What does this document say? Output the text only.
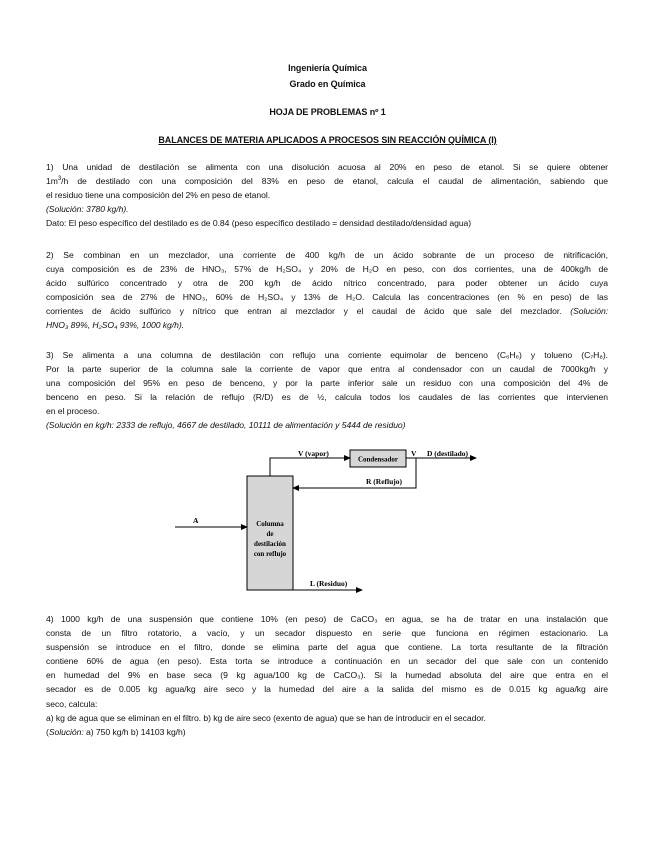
Ingeniería Química
Grado en Química
HOJA DE PROBLEMAS nº 1
BALANCES DE MATERIA APLICADOS A PROCESOS SIN REACCIÓN QUÍMICA (I)
1) Una unidad de destilación se alimenta con una disolución acuosa al 20% en peso de etanol. Si se quiere obtener
$1m^3/h$ de destilado con una composición del 83% en peso de etanol, calcula el caudal de alimentación, sabiendo que
el residuo tiene una composición del 2% en peso de etanol.
(Solución: 3780 kg/h).
Dato: El peso específico del destilado es de 0.84 (peso específico destilado = densidad destilado/densidad agua)
2) Se combinan en un mezclador, una corriente de 400 kg/h de un ácido sobrante de un proceso de nitrificación,
cuya composición es de 23% de HNO₃, 57% de H₂SO₄ y 20% de H₂O en peso, con dos corrientes, una de 400kg/h de
ácido sulfúrico concentrado y otra de 200 kg/h de ácido nítrico concentrado, para poder obtener un ácido cuya
composición sea de 27% de HNO₃, 60% de H₂SO₄ y 13% de H₂O. Calcula las concentraciones (en % en peso) de las
corrientes de ácido sulfúrico y nítrico que entran al mezclador y el caudal de ácido que sale del mezclador. (Solución:
HNO₃ 89%, H₂SO₄ 93%, 1000 kg/h).
3) Se alimenta a una columna de destilación con reflujo una corriente equimolar de benceno (C₆H₆) y tolueno (C₇H₈).
Por la parte superior de la columna sale la corriente de vapor que entra al condensador con un caudal de 7000kg/h y
una composición del 95% en peso de benceno, y por la parte inferior sale un residuo con una composición del 4% de
benceno en peso. Si la relación de reflujo (R/D) es de ½, calcula todos los caudales de las corrientes que intervienen
en el proceso.
(Solución en kg/h: 2333 de reflujo, 4667 de destilado, 10111 de alimentación y 5444 de residuo)
V (vapor)
Condensador
V D (destilado)
R (Reflujo)
A	Columna
de
destilación
con reflujo
L (Residuo)
4) 1000 kg/h de una suspensión que contiene 10% (en peso) de CaCO₃ en agua, se ha de tratar en una instalación que
consta de un filtro rotatorio, a vacío, y un secador dispuesto en serie que funciona en régimen estacionario. La
suspensión se introduce en el filtro, donde se elimina parte del agua que contiene. La torta resultante de la filtración
contiene 60% de agua (en peso). Esta torta se introduce a continuación en un secador del que sale con un contenido
en humedad del 9% en base seca (9 kg agua/100 kg de CaCO₃). Si la humedad absoluta del aire que entra en el
secador es de 0.005 kg agua/kg aire seco y la humedad del aire a la salida del mismo es de 0.015 kg agua/kg aire
seco, calcula:
a) kg de agua que se eliminan en el filtro. b) kg de aire seco (exento de agua) que se han de introducir en el secador.
(Solución: a) 750 kg/h b) 14103 kg/h)
